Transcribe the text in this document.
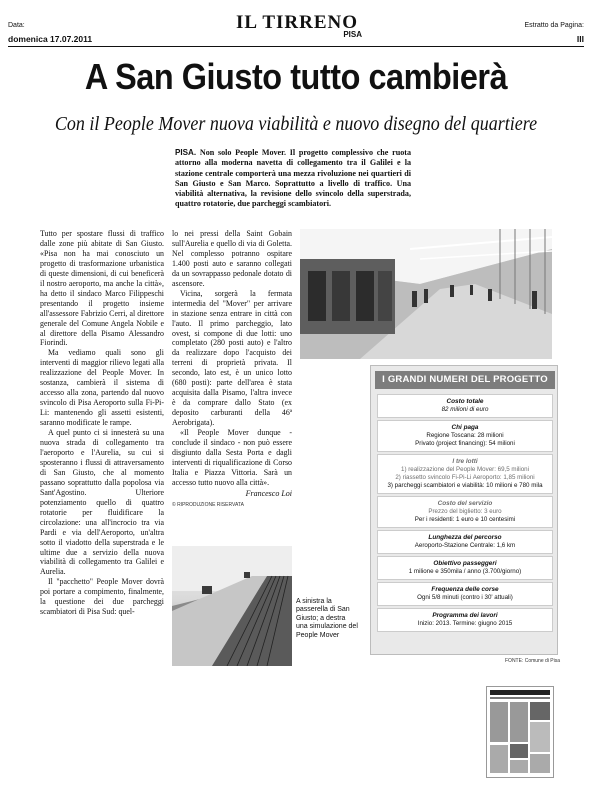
Data:
domenica 17.07.2011
IL TIRRENO
PISA
Estratto da Pagina:
III
A San Giusto tutto cambierà
Con il People Mover nuova viabilità e nuovo disegno del quartiere
PISA. Non solo People Mover. Il progetto complessivo che ruota attorno alla moderna navetta di collegamento tra il Galilei e la stazione centrale comporterà una mezza rivoluzione nei quartieri di San Giusto e San Marco. Soprattutto a livello di traffico. Una viabilità alternativa, la revisione dello svincolo della superstrada, quattro rotatorie, due parcheggi scambiatori.

Tutto per spostare flussi di traffico dalle zone più abitate di San Giusto. «Pisa non ha mai conosciuto un progetto di trasformazione urbanistica di queste dimensioni, di cui beneficerà il nostro aeroporto, ma anche la città», ha detto il sindaco Marco Filippeschi presentando il progetto insieme all'assessore Fabrizio Cerri, al direttore generale del Comune Angela Nobile e al direttore della Pisamo Alessandro Fiorindi.

Ma vediamo quali sono gli interventi di maggior rilievo legati alla realizzazione del People Mover. In sostanza, cambierà il sistema di accesso alla zona, partendo dal nuovo svincolo di Pisa Aeroporto sulla Fi-Pi-Li: mantenendo gli assetti esistenti, saranno modificate le rampe.

A quel punto ci si innesterà su una nuova strada di collegamento tra l'aeroporto e l'Aurelia, su cui si sposteranno i flussi di attraversamento di San Giusto, che al momento passano soprattutto dalla popolosa via Sant'Agostino. Ulteriore potenziamento quello di quattro rotatorie per fluidificare la circolazione: una all'incrocio tra via Pardi e via dell'Aeroporto, un'altra sotto il viadotto della superstrada e le ultime due a servizio della nuova viabilità di collegamento tra Galilei e Aurelia.

Il "pacchetto" People Mover dovrà poi portare a compimento, finalmente, la questione dei due parcheggi scambiatori di Pisa Sud: quel-

lo nei pressi della Saint Gobain sull'Aurelia e quello di via di Goletta. Nel complesso potranno ospitare 1.400 posti auto e saranno collegati da un sovrappasso pedonale dotato di ascensore.

Vicina, sorgerà la fermata intermedia del "Mover" per arrivare in stazione senza entrare in città con l'auto. Il primo parcheggio, lato ovest, si compone di due lotti: uno completato (280 posti auto) e l'altro da realizzare dopo l'acquisto dei terreni di proprietà privata. Il secondo, lato est, è un unico lotto (680 posti): parte dell'area è stata acquisita dalla Pisamo, l'altra invece è da comprare dallo Stato (ex deposito carburanti della 46ª Aerobrigata).

«Il People Mover dunque - conclude il sindaco - non può essere disgiunto dalla Sesta Porta e dagli interventi di riqualificazione di Corso Italia e Piazza Vittoria. Sarà un accesso tutto nuovo alla città».

Francesco Loi
© RIPRODUZIONE RISERVATA
A sinistra la passerella di San Giusto; a destra una simulazione del People Mover
I GRANDI NUMERI DEL PROGETTO
Costo totale
82 milioni di euro
Chi paga
Regione Toscana: 28 milioni
Privato (project financing): 54 milioni
I tre lotti
1) realizzazione del People Mover: 69,5 milioni
2) riassetto svincolo Fi-Pi-Li Aeroporto: 1,85 milioni
3) parcheggi scambiatori e viabilità: 10 milioni e 780 mila
Costo del servizio
Prezzo del biglietto: 3 euro
Per i residenti: 1 euro e 10 centesimi
Lunghezza del percorso
Aeroporto-Stazione Centrale: 1,6 km
Obiettivo passeggeri
1 milione e 350mila / anno (3.700/giorno)
Frequenza delle corse
Ogni 5/8 minuti (contro i 30' attuali)
Programma dei lavori
Inizio: 2013. Termine: giugno 2015
FONTE: Comune di Pisa
